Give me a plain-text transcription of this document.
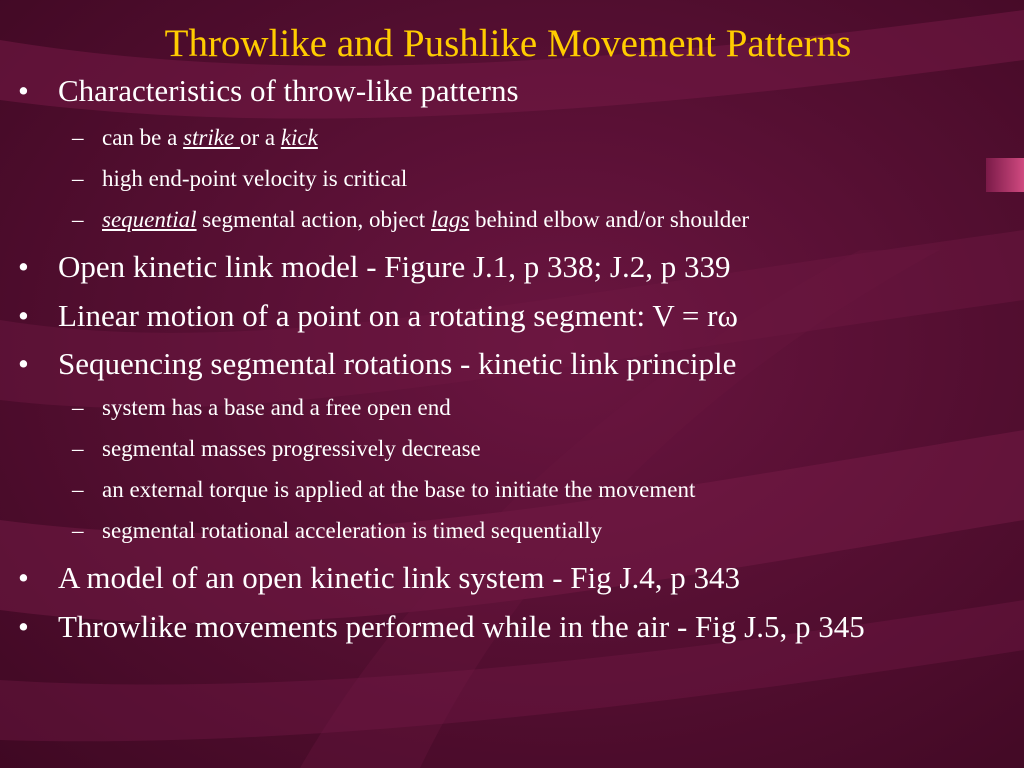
Throwlike and Pushlike Movement Patterns
• Characteristics of throw-like patterns
– can be a strike or a kick
– high end-point velocity is critical
– sequential segmental action, object lags behind elbow and/or shoulder
• Open kinetic link model - Figure J.1, p 338; J.2, p 339
• Linear motion of a point on a rotating segment: V = rω
• Sequencing segmental rotations - kinetic link principle
– system has a base and a free open end
– segmental masses progressively decrease
– an external torque is applied at the base to initiate the movement
– segmental rotational acceleration is timed sequentially
• A model of an open kinetic link system - Fig J.4, p 343
• Throwlike movements performed while in the air - Fig J.5, p 345
